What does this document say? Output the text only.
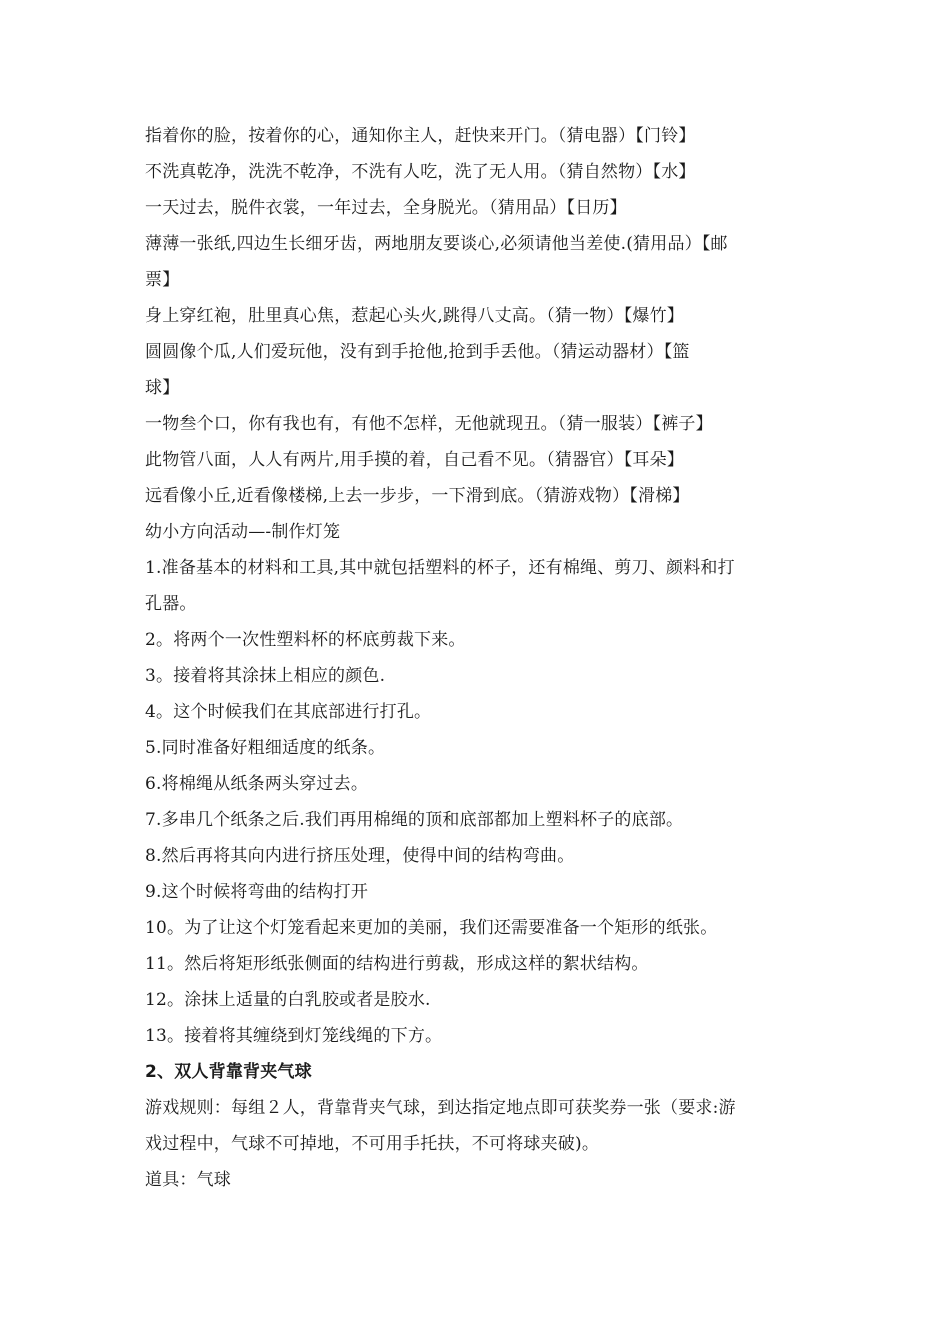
指着你的脸，按着你的心，通知你主人，赶快来开门。（猜电器）【门铃】
不洗真乾净，洗洗不乾净，不洗有人吃，洗了无人用。（猜自然物）【水】
一天过去，脱件衣裳，一年过去，全身脱光。（猜用品）【日历】
薄薄一张纸,四边生长细牙齿，两地朋友要谈心,必须请他当差使.(猜用品）【邮
票】
身上穿红袍，肚里真心焦，惹起心头火,跳得八丈高。（猜一物）【爆竹】
圆圆像个瓜,人们爱玩他，没有到手抢他,抢到手丢他。（猜运动器材）【篮
球】
一物叁个口，你有我也有，有他不怎样，无他就现丑。（猜一服装）【裤子】
此物管八面，人人有两片,用手摸的着，自己看不见。（猜器官）【耳朵】
远看像小丘,近看像楼梯,上去一步步，一下滑到底。（猜游戏物）【滑梯】
幼小方向活动—-制作灯笼
1.准备基本的材料和工具,其中就包括塑料的杯子，还有棉绳、剪刀、颜料和打
孔器。
2。将两个一次性塑料杯的杯底剪裁下来。
3。接着将其涂抹上相应的颜色.
4。这个时候我们在其底部进行打孔。
5.同时准备好粗细适度的纸条。
6.将棉绳从纸条两头穿过去。
7.多串几个纸条之后.我们再用棉绳的顶和底部都加上塑料杯子的底部。
8.然后再将其向内进行挤压处理，使得中间的结构弯曲。
9.这个时候将弯曲的结构打开
10。为了让这个灯笼看起来更加的美丽，我们还需要准备一个矩形的纸张。
11。然后将矩形纸张侧面的结构进行剪裁，形成这样的絮状结构。
12。涂抹上适量的白乳胶或者是胶水.
13。接着将其缠绕到灯笼线绳的下方。
2、双人背靠背夹气球
游戏规则：每组２人，背靠背夹气球，到达指定地点即可获奖券一张（要求:游
戏过程中，气球不可掉地，不可用手托扶，不可将球夹破)。
道具：气球
